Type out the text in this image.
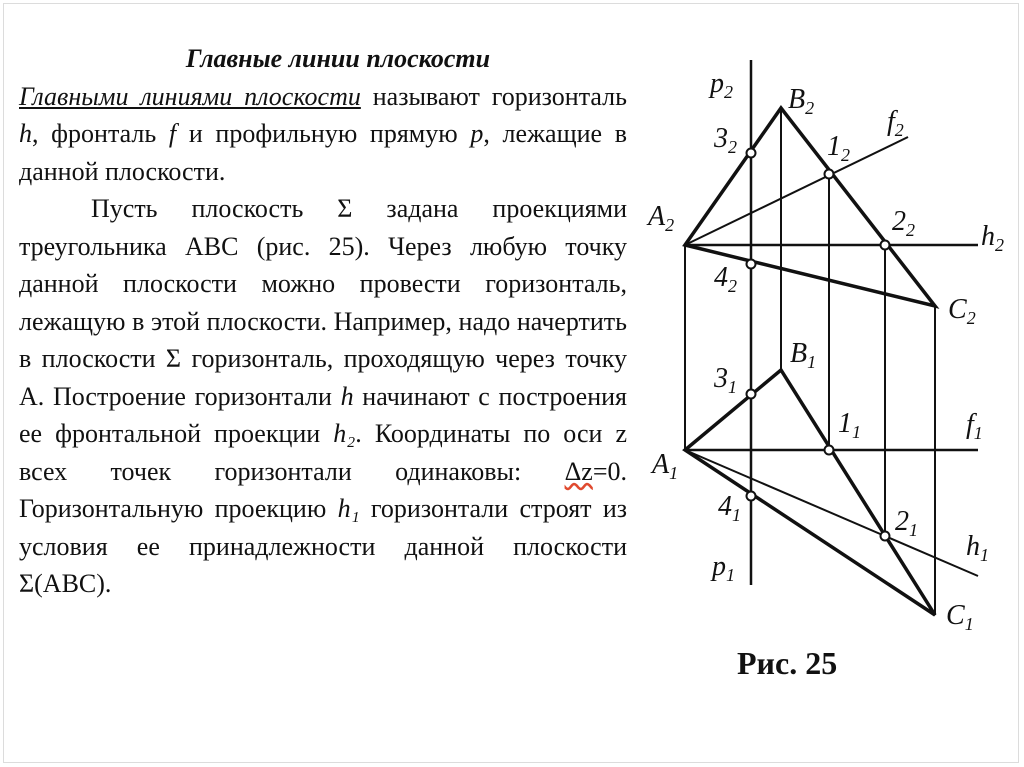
Главные линии плоскости

Главными линиями плоскости называют горизонталь h, фронталь f и профильную прямую p, лежащие в данной плоскости.

Пусть плоскость Σ задана проекциями треугольника ABC (рис. 25). Через любую точку данной плоскости можно провести горизонталь, лежащую в этой плоскости. Например, надо начертить в плоскости Σ горизонталь, проходящую через точку A. Построение горизонтали h начинают с построения ее фронтальной проекции h₂. Координаты по оси z всех точек горизонтали одинаковы: Δz=0. Горизонтальную проекцию h₁ горизонтали строят из условия ее принадлежности данной плоскости Σ(ABC).

$p_2$ $B_2$	$f_2$
$3_2$	$1_2$
$A_2$	$2_2$ $h_2$
$4_2$
$C_2$
$B_1$
$3_1$
$1_1$	$f_1$
$A_1$
$4_1$	$2_1$
$h_1$
$p_1$
$C_1$
Рис. 25
